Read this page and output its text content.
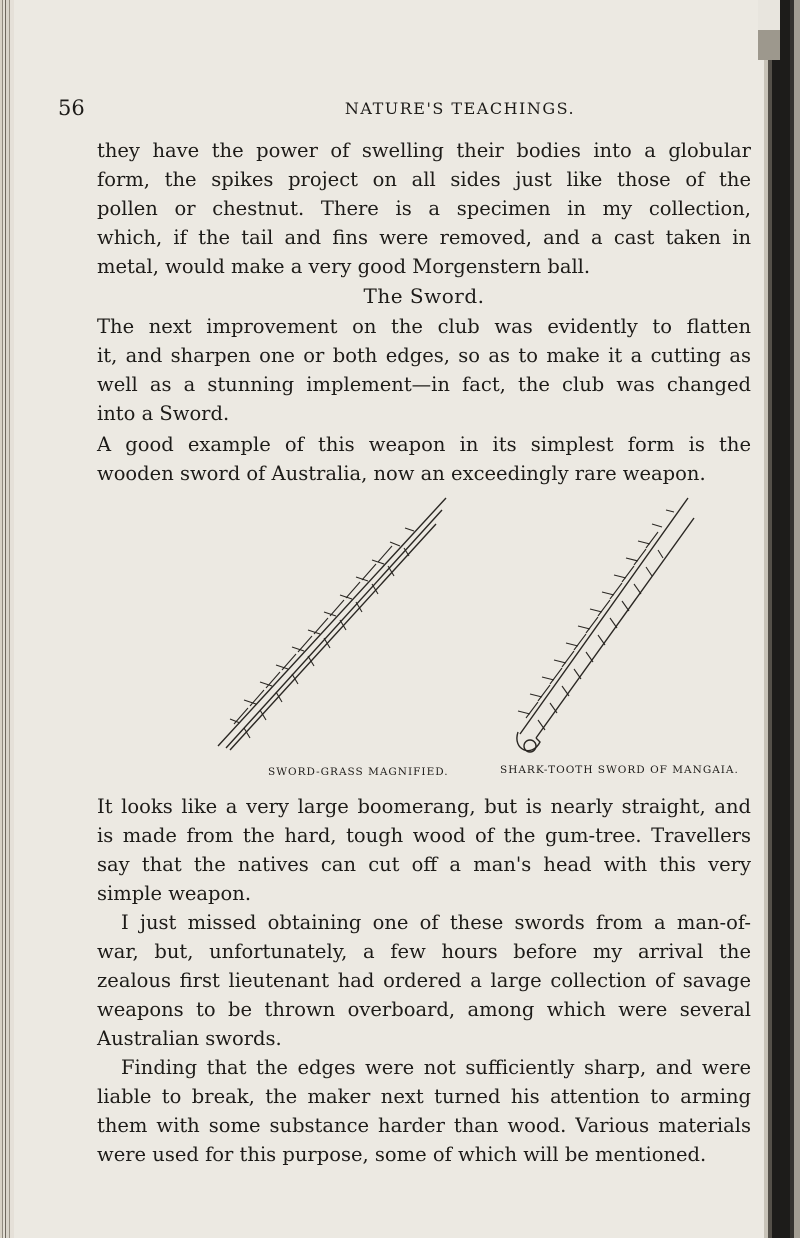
56	NATURE'S TEACHINGS.

they have the power of swelling their bodies into a globular

form, the spikes project on all sides just like those of the

pollen or chestnut. There is a specimen in my collection,

which, if the tail and fins were removed, and a cast taken in

metal, would make a very good Morgenstern ball.

The Sword.

The next improvement on the club was evidently to flatten

it, and sharpen one or both edges, so as to make it a cutting as

well as a stunning implement—in fact, the club was changed

into a Sword.

A good example of this weapon in its simplest form is the

wooden sword of Australia, now an exceedingly rare weapon.

SWORD-GRASS MAGNIFIED.	SHARK-TOOTH SWORD OF MANGAIA.

It looks like a very large boomerang, but is nearly straight, and

is made from the hard, tough wood of the gum-tree. Travellers

say that the natives can cut off a man's head with this very

simple weapon.

I just missed obtaining one of these swords from a man-of-

war, but, unfortunately, a few hours before my arrival the

zealous first lieutenant had ordered a large collection of savage

weapons to be thrown overboard, among which were several

Australian swords.

Finding that the edges were not sufficiently sharp, and were

liable to break, the maker next turned his attention to arming

them with some substance harder than wood. Various materials

were used for this purpose, some of which will be mentioned.
